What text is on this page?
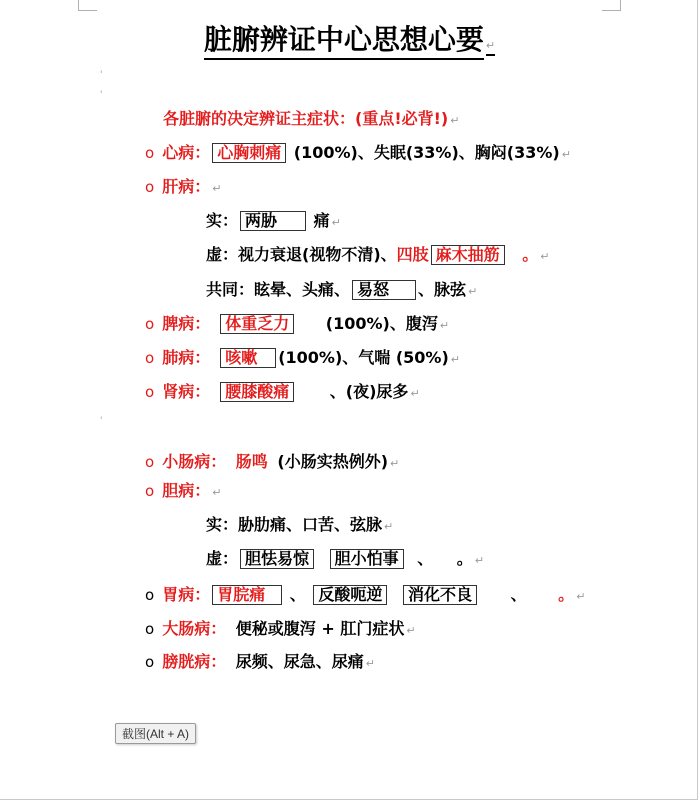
脏腑辨证中心思想心要 ↵
'
'
各脏腑的决定辨证主症状：(重点!必背!) ↵
o 心病： 心胸刺痛 (100%)、失眠(33%)、胸闷(33%) ↵
o 肝病： ↵
实： 两胁 痛 ↵
虚：视力衰退(视物不清)、四肢 麻木抽筋 。 ↵
共同：眩晕、头痛、 易怒 、脉弦 ↵
o 脾病： 体重乏力 (100%)、腹泻 ↵
o 肺病： 咳嗽 (100%)、气喘 (50%) ↵
o 肾病： 腰膝酸痛	、(夜)尿多 ↵
'
o 小肠病： 肠鸣 (小肠实热例外) ↵
o 胆病： ↵
实：胁肋痛、口苦、弦脉 ↵
虚： 胆怯易惊 胆小怕事 、 。 ↵
o 胃病： 胃脘痛 、 反酸呃逆 消化不良 、 。 ↵
o 大肠病： 便秘或腹泻 + 肛门症状 ↵
o 膀胱病： 尿频、尿急、尿痛 ↵
截图(Alt + A)
